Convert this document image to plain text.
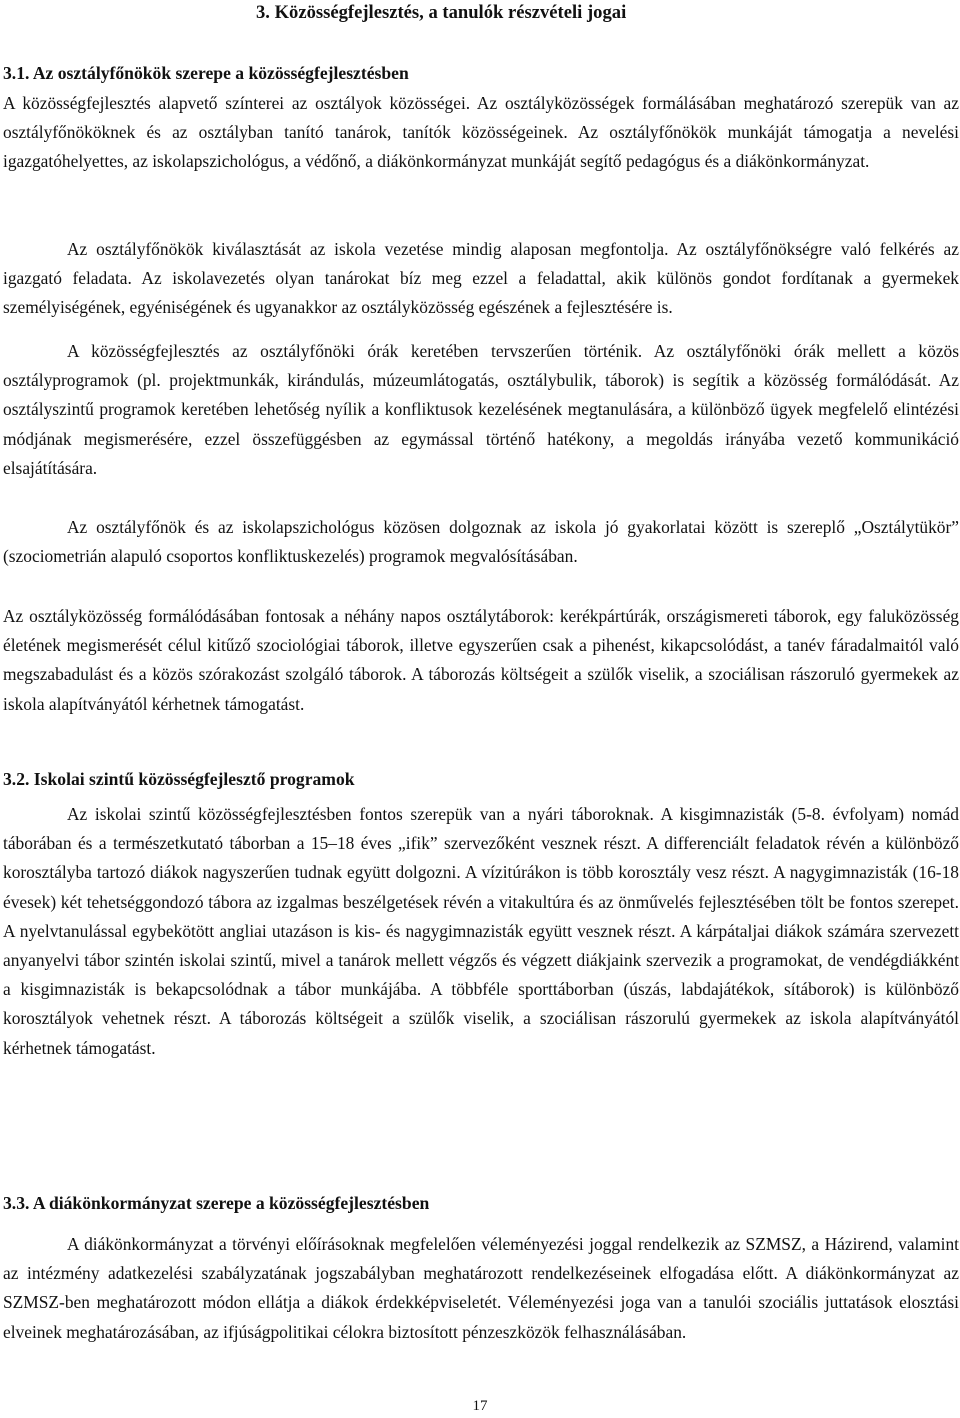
3. Közösségfejlesztés, a tanulók részvételi jogai
3.1. Az osztályfőnökök szerepe a közösségfejlesztésben

A közösségfejlesztés alapvető színterei az osztályok közösségei. Az osztályközösségek formálásában meghatározó szerepük van az osztályfőnököknek és az osztályban tanító tanárok, tanítók közösségeinek. Az osztályfőnökök munkáját támogatja a nevelési igazgatóhelyettes, az iskolapszichológus, a védőnő, a diákönkormányzat munkáját segítő pedagógus és a diákönkormányzat.

Az osztályfőnökök kiválasztását az iskola vezetése mindig alaposan megfontolja. Az osztályfőnökségre való felkérés az igazgató feladata. Az iskolavezetés olyan tanárokat bíz meg ezzel a feladattal, akik különös gondot fordítanak a gyermekek személyiségének, egyéniségének és ugyanakkor az osztályközösség egészének a fejlesztésére is.

A közösségfejlesztés az osztályfőnöki órák keretében tervszerűen történik. Az osztályfőnöki órák mellett a közös osztályprogramok (pl. projektmunkák, kirándulás, múzeumlátogatás, osztálybulik, táborok) is segítik a közösség formálódását. Az osztályszintű programok keretében lehetőség nyílik a konfliktusok kezelésének megtanulására, a különböző ügyek megfelelő elintézési módjának megismerésére, ezzel összefüggésben az egymással történő hatékony, a megoldás irányába vezető kommunikáció elsajátítására.

Az osztályfőnök és az iskolapszichológus közösen dolgoznak az iskola jó gyakorlatai között is szereplő „Osztálytükör” (szociometrián alapuló csoportos konfliktuskezelés) programok megvalósításában.

Az osztályközösség formálódásában fontosak a néhány napos osztálytáborok: kerékpártúrák, országismereti táborok, egy faluközösség életének megismerését célul kitűző szociológiai táborok, illetve egyszerűen csak a pihenést, kikapcsolódást, a tanév fáradalmaitól való megszabadulást és a közös szórakozást szolgáló táborok. A táborozás költségeit a szülők viselik, a szociálisan rászoruló gyermekek az iskola alapítványától kérhetnek támogatást.

3.2. Iskolai szintű közösségfejlesztő programok

Az iskolai szintű közösségfejlesztésben fontos szerepük van a nyári táboroknak. A kisgimnazisták (5-8. évfolyam) nomád táborában és a természetkutató táborban a 15–18 éves „ifik” szervezőként vesznek részt. A differenciált feladatok révén a különböző korosztályba tartozó diákok nagyszerűen tudnak együtt dolgozni. A vízitúrákon is több korosztály vesz részt. A nagygimnazisták (16-18 évesek) két tehetséggondozó tábora az izgalmas beszélgetések révén a vitakultúra és az önművelés fejlesztésében tölt be fontos szerepet. A nyelvtanulással egybekötött angliai utazáson is kis- és nagygimnazisták együtt vesznek részt. A kárpátaljai diákok számára szervezett anyanyelvi tábor szintén iskolai szintű, mivel a tanárok mellett végzős és végzett diákjaink szervezik a programokat, de vendégdiákként a kisgimnazisták is bekapcsolódnak a tábor munkájába. A többféle sporttáborban (úszás, labdajátékok, sítáborok) is különböző korosztályok vehetnek részt. A táborozás költségeit a szülők viselik, a szociálisan rászorulú gyermekek az iskola alapítványától kérhetnek támogatást.

3.3. A diákönkormányzat szerepe a közösségfejlesztésben

A diákönkormányzat a törvényi előírásoknak megfelelően véleményezési joggal rendelkezik az SZMSZ, a Házirend, valamint az intézmény adatkezelési szabályzatának jogszabályban meghatározott rendelkezéseinek elfogadása előtt. A diákönkormányzat az SZMSZ-ben meghatározott módon ellátja a diákok érdekképviseletét. Véleményezési joga van a tanulói szociális juttatások elosztási elveinek meghatározásában, az ifjúságpolitikai célokra biztosított pénzeszközök felhasználásában.

17
